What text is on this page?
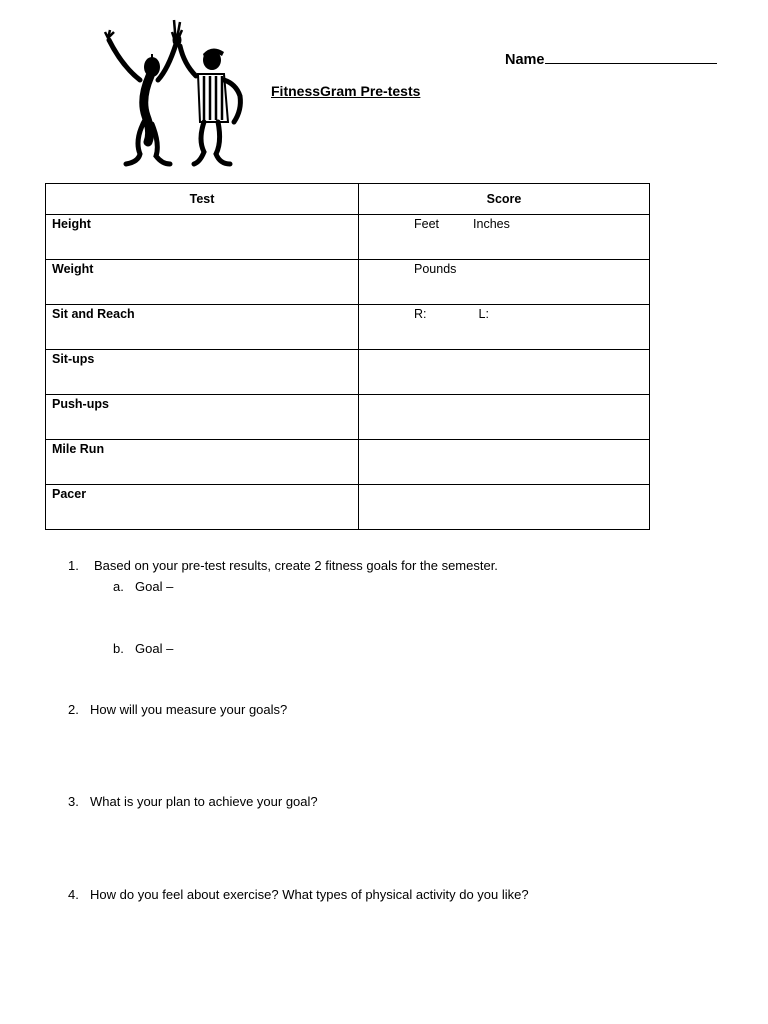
FitnessGram Pre-tests
Name
Test	Score
Height	Feet Inches
Weight	Pounds
Sit and Reach	R: L:
Sit-ups	
Push-ups	
Mile Run	
Pacer	
1. Based on your pre-test results, create 2 fitness goals for the semester.
a. Goal –
b. Goal –
2. How will you measure your goals?
3. What is your plan to achieve your goal?
4. How do you feel about exercise? What types of physical activity do you like?
